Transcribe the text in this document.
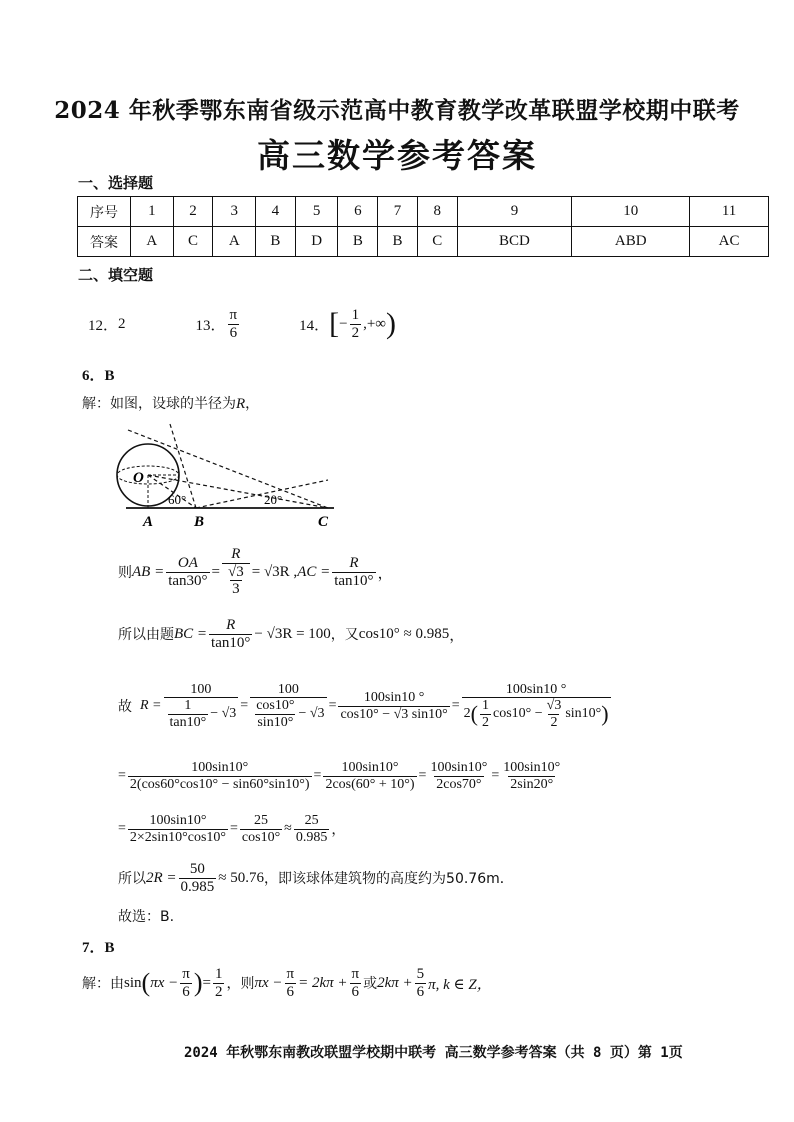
2024 年秋季鄂东南省级示范高中教育教学改革联盟学校期中联考
高三数学参考答案
一、选择题
序号	1	2	3	4	5	6	7	8	9	10	11
答案	A	C	A	B	D	B	B	C	BCD	ABD	AC
二、填空题
12． 2	13． $\frac{\pi}{6}$	14． [ − $\frac{1}{2}$ ,+∞ )
6．B
解：如图，设球的半径为R，
O
60°	20°
A	B	C
则 AB = $\frac{OA}{\tan 30^\circ} = \frac{R}{\frac{√3}{3}} = √3R$ , AC = $\frac{R}{\tan 10^\circ}$ ，
所以由题 BC = $\frac{R}{\tan 10^\circ} - √3R = 100$ ，又 cos10° ≈ 0.985 ，
故 $R = \frac{100}{\frac{1}{\tan 10^\circ} - √3} = \frac{100}{\frac{\cos 10^\circ}{\sin 10^\circ} - √3} = \frac{100\sin 10 ^\circ}{\cos 10^\circ - √3 \sin 10^\circ} = \frac{100\sin 10 ^\circ}{2 ( \frac{1}{2} \cos 10^\circ - \frac{√3}{2} \sin 10^\circ )}$
= $\frac{100\sin 10^\circ}{2(\cos 60^\circ\cos 10^\circ - \sin 60^\circ\sin 10^\circ)} = \frac{100\sin 10^\circ}{2\cos(60^\circ + 10^\circ)} = \frac{100\sin 10^\circ}{2\cos 70^\circ} = \frac{100\sin 10^\circ}{2\sin 20^\circ}$
= $\frac{100\sin 10^\circ}{2\times 2\sin 10^\circ\cos 10^\circ} = \frac{25}{\cos 10^\circ} \approx \frac{25}{0.985}$ ，
所以 $2R = \frac{50}{0.985} \approx 50.76$ ，即该球体建筑物的高度约为50.76m．
故选：B.
7．B
解：由 sin ( $\pi x - \frac{\pi}{6}$ ) = $\frac{1}{2}$ ，则 $\pi x - \frac{\pi}{6} = 2k\pi + \frac{\pi}{6}$ 或 $2k\pi + \frac{5}{6} \pi$, k ∈ Z，
2024 年秋鄂东南教改联盟学校期中联考 高三数学参考答案（共 8 页）第 1页
